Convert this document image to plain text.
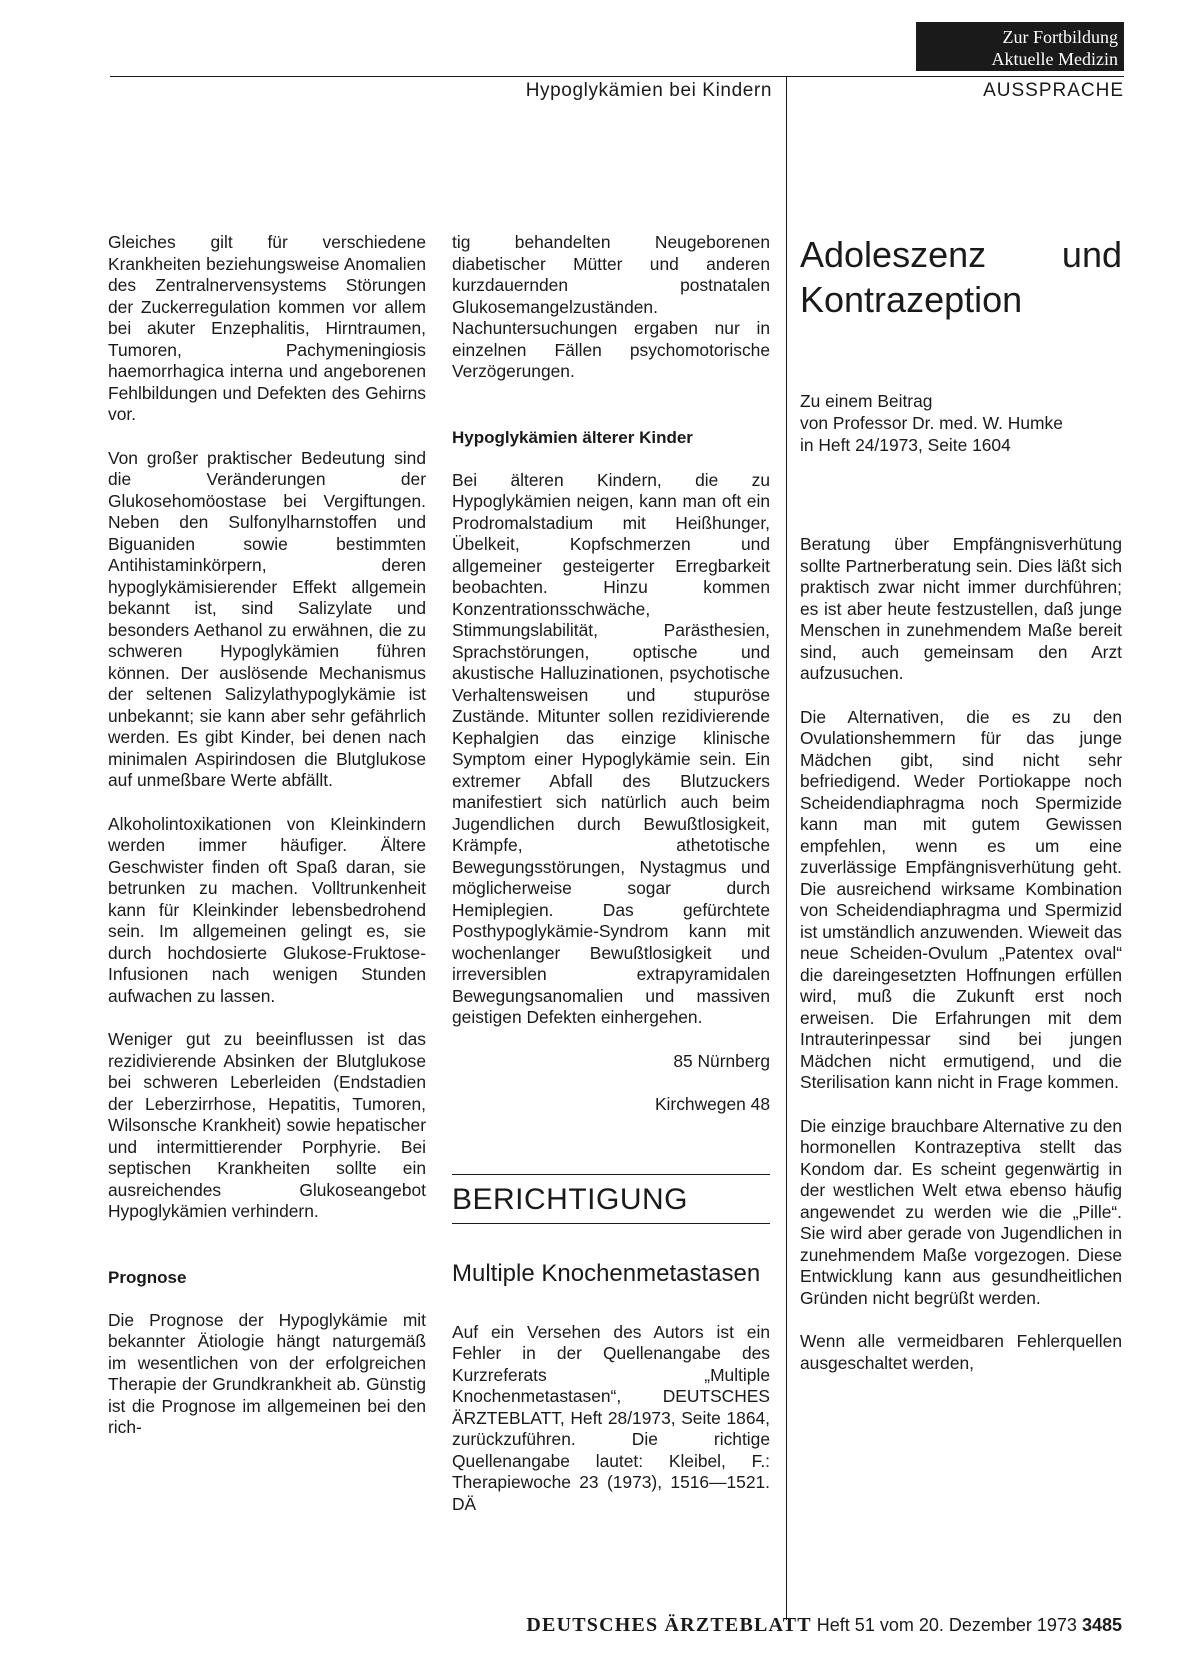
Zur Fortbildung
Aktuelle Medizin
Hypoglykämien bei Kindern	AUSSPRACHE

Gleiches gilt für verschiedene Krankheiten beziehungsweise Anomalien des Zentralnervensystems Störungen der Zuckerregulation kommen vor allem bei akuter Enzephalitis, Hirntraumen, Tumoren, Pachymeningiosis haemorrhagica interna und angeborenen Fehlbildungen und Defekten des Gehirns vor.

Von großer praktischer Bedeutung sind die Veränderungen der Glukosehomöostase bei Vergiftungen. Neben den Sulfonylharnstoffen und Biguaniden sowie bestimmten Antihistaminkörpern, deren hypoglykämisierender Effekt allgemein bekannt ist, sind Salizylate und besonders Aethanol zu erwähnen, die zu schweren Hypoglykämien führen können. Der auslösende Mechanismus der seltenen Salizylathypoglykämie ist unbekannt; sie kann aber sehr gefährlich werden. Es gibt Kinder, bei denen nach minimalen Aspirindosen die Blutglukose auf unmeßbare Werte abfällt.

Alkoholintoxikationen von Kleinkindern werden immer häufiger. Ältere Geschwister finden oft Spaß daran, sie betrunken zu machen. Volltrunkenheit kann für Kleinkinder lebensbedrohend sein. Im allgemeinen gelingt es, sie durch hochdosierte Glukose-Fruktose-Infusionen nach wenigen Stunden aufwachen zu lassen.

Weniger gut zu beeinflussen ist das rezidivierende Absinken der Blutglukose bei schweren Leberleiden (Endstadien der Leberzirrhose, Hepatitis, Tumoren, Wilsonsche Krankheit) sowie hepatischer und intermittierender Porphyrie. Bei septischen Krankheiten sollte ein ausreichendes Glukoseangebot Hypoglykämien verhindern.

Prognose

Die Prognose der Hypoglykämie mit bekannter Ätiologie hängt naturgemäß im wesentlichen von der erfolgreichen Therapie der Grundkrankheit ab. Günstig ist die Prognose im allgemeinen bei den rich-

tig behandelten Neugeborenen diabetischer Mütter und anderen kurzdauernden postnatalen Glukosemangelzuständen. Nachuntersuchungen ergaben nur in einzelnen Fällen psychomotorische Verzögerungen.

Hypoglykämien älterer Kinder

Bei älteren Kindern, die zu Hypoglykämien neigen, kann man oft ein Prodromalstadium mit Heißhunger, Übelkeit, Kopfschmerzen und allgemeiner gesteigerter Erregbarkeit beobachten. Hinzu kommen Konzentrationsschwäche, Stimmungslabilität, Parästhesien, Sprachstörungen, optische und akustische Halluzinationen, psychotische Verhaltensweisen und stupuröse Zustände. Mitunter sollen rezidivierende Kephalgien das einzige klinische Symptom einer Hypoglykämie sein. Ein extremer Abfall des Blutzuckers manifestiert sich natürlich auch beim Jugendlichen durch Bewußtlosigkeit, Krämpfe, athetotische Bewegungsstörungen, Nystagmus und möglicherweise sogar durch Hemiplegien. Das gefürchtete Posthypoglykämie-Syndrom kann mit wochenlanger Bewußtlosigkeit und irreversiblen extrapyramidalen Bewegungsanomalien und massiven geistigen Defekten einhergehen.

85 Nürnberg

Kirchwegen 48

BERICHTIGUNG
Multiple Knochenmetastasen

Auf ein Versehen des Autors ist ein Fehler in der Quellenangabe des Kurzreferats „Multiple Knochenmetastasen“, DEUTSCHES ÄRZTEBLATT, Heft 28/1973, Seite 1864, zurückzuführen. Die richtige Quellenangabe lautet: Kleibel, F.: Therapiewoche 23 (1973), 1516—1521. DÄ

Adoleszenz und Kontrazeption
Zu einem Beitrag
von Professor Dr. med. W. Humke
in Heft 24/1973, Seite 1604

Beratung über Empfängnisverhütung sollte Partnerberatung sein. Dies läßt sich praktisch zwar nicht immer durchführen; es ist aber heute festzustellen, daß junge Menschen in zunehmendem Maße bereit sind, auch gemeinsam den Arzt aufzusuchen.

Die Alternativen, die es zu den Ovulationshemmern für das junge Mädchen gibt, sind nicht sehr befriedigend. Weder Portiokappe noch Scheidendiaphragma noch Spermizide kann man mit gutem Gewissen empfehlen, wenn es um eine zuverlässige Empfängnisverhütung geht. Die ausreichend wirksame Kombination von Scheidendiaphragma und Spermizid ist umständlich anzuwenden. Wieweit das neue Scheiden-Ovulum „Patentex oval“ die dareingesetzten Hoffnungen erfüllen wird, muß die Zukunft erst noch erweisen. Die Erfahrungen mit dem Intrauterinpessar sind bei jungen Mädchen nicht ermutigend, und die Sterilisation kann nicht in Frage kommen.

Die einzige brauchbare Alternative zu den hormonellen Kontrazeptiva stellt das Kondom dar. Es scheint gegenwärtig in der westlichen Welt etwa ebenso häufig angewendet zu werden wie die „Pille“. Sie wird aber gerade von Jugendlichen in zunehmendem Maße vorgezogen. Diese Entwicklung kann aus gesundheitlichen Gründen nicht begrüßt werden.

Wenn alle vermeidbaren Fehlerquellen ausgeschaltet werden,

DEUTSCHES ÄRZTEBLATT Heft 51 vom 20. Dezember 1973 3485
